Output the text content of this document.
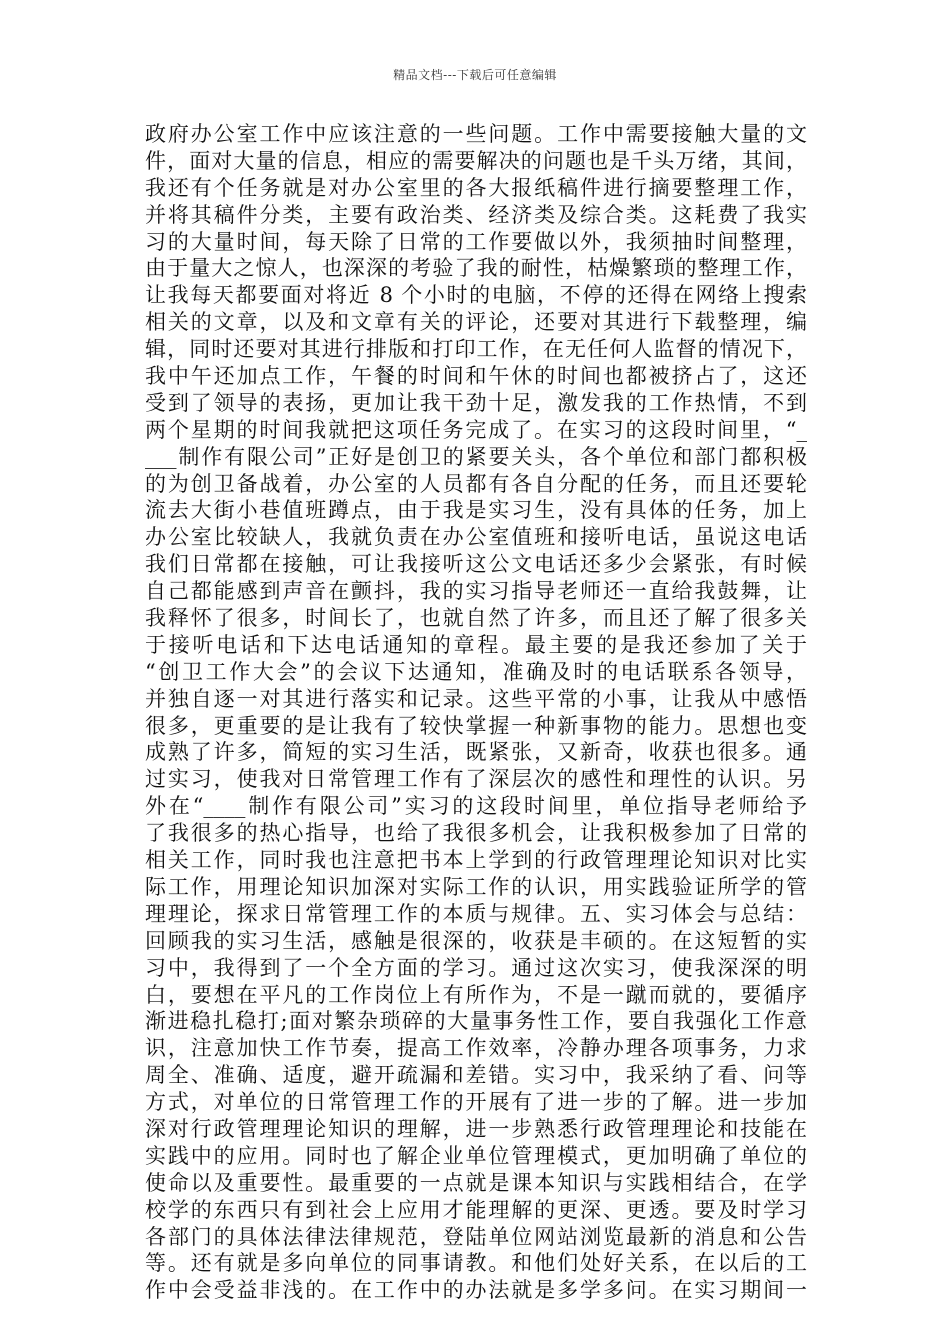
精品文档---下载后可任意编辑
政府办公室工作中应该注意的一些问题。工作中需要接触大量的文
件，面对大量的信息，相应的需要解决的问题也是千头万绪，其间，
我还有个任务就是对办公室里的各大报纸稿件进行摘要整理工作，
并将其稿件分类，主要有政治类、经济类及综合类。这耗费了我实
习的大量时间，每天除了日常的工作要做以外，我须抽时间整理，
由于量大之惊人，也深深的考验了我的耐性，枯燥繁琐的整理工作，
让我每天都要面对将近 8 个小时的电脑，不停的还得在网络上搜索
相关的文章，以及和文章有关的评论，还要对其进行下载整理，编
辑，同时还要对其进行排版和打印工作，在无任何人监督的情况下，
我中午还加点工作，午餐的时间和午休的时间也都被挤占了，这还
受到了领导的表扬，更加让我干劲十足，激发我的工作热情，不到
两个星期的时间我就把这项任务完成了。在实习的这段时间里，“_
___制作有限公司”正好是创卫的紧要关头，各个单位和部门都积极
的为创卫备战着，办公室的人员都有各自分配的任务，而且还要轮
流去大街小巷值班蹲点，由于我是实习生，没有具体的任务，加上
办公室比较缺人，我就负责在办公室值班和接听电话，虽说这电话
我们日常都在接触，可让我接听这公文电话还多少会紧张，有时候
自己都能感到声音在颤抖，我的实习指导老师还一直给我鼓舞，让
我释怀了很多，时间长了，也就自然了许多，而且还了解了很多关
于接听电话和下达电话通知的章程。最主要的是我还参加了关于
“创卫工作大会”的会议下达通知，准确及时的电话联系各领导，
并独自逐一对其进行落实和记录。这些平常的小事，让我从中感悟
很多，更重要的是让我有了较快掌握一种新事物的能力。思想也变
成熟了许多，简短的实习生活，既紧张，又新奇，收获也很多。通
过实习，使我对日常管理工作有了深层次的感性和理性的认识。另
外在“____制作有限公司”实习的这段时间里，单位指导老师给予
了我很多的热心指导，也给了我很多机会，让我积极参加了日常的
相关工作，同时我也注意把书本上学到的行政管理理论知识对比实
际工作，用理论知识加深对实际工作的认识，用实践验证所学的管
理理论，探求日常管理工作的本质与规律。五、实习体会与总结：
回顾我的实习生活，感触是很深的，收获是丰硕的。在这短暂的实
习中，我得到了一个全方面的学习。通过这次实习，使我深深的明
白，要想在平凡的工作岗位上有所作为，不是一蹴而就的，要循序
渐进稳扎稳打;面对繁杂琐碎的大量事务性工作，要自我强化工作意
识，注意加快工作节奏，提高工作效率，冷静办理各项事务，力求
周全、准确、适度，避开疏漏和差错。实习中，我采纳了看、问等
方式，对单位的日常管理工作的开展有了进一步的了解。进一步加
深对行政管理理论知识的理解，进一步熟悉行政管理理论和技能在
实践中的应用。同时也了解企业单位管理模式，更加明确了单位的
使命以及重要性。最重要的一点就是课本知识与实践相结合，在学
校学的东西只有到社会上应用才能理解的更深、更透。要及时学习
各部门的具体法律法律规范，登陆单位网站浏览最新的消息和公告
等。还有就是多向单位的同事请教。和他们处好关系，在以后的工
作中会受益非浅的。在工作中的办法就是多学多问。在实习期间一
